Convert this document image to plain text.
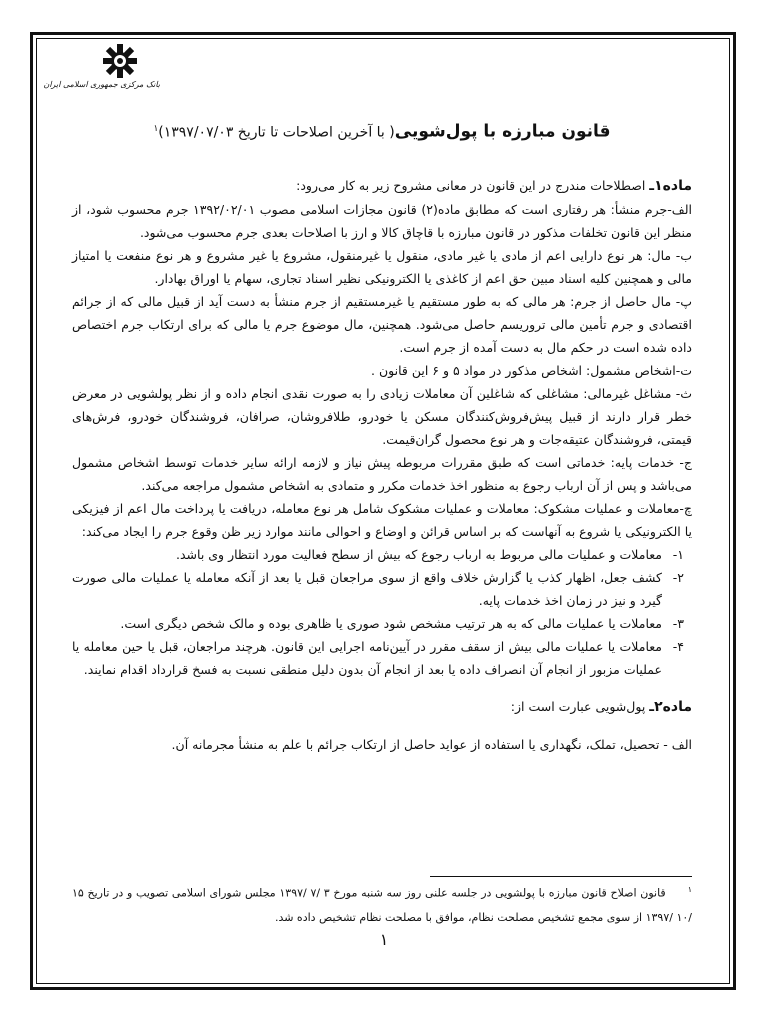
بانک مرکزی جمهوری اسلامی ایران
قانون مبارزه با پول‌شویی( با آخرین اصلاحات تا تاریخ ۱۳۹۷/۰۷/۰۳)$^۱$

ماده۱ـ اصطلاحات مندرج در این قانون در معانی مشروح زیر به کار می‌رود:

الف-جرم منشأ: هر رفتاری است که مطابق ماده(۲) قانون مجازات اسلامی مصوب ۱۳۹۲/۰۲/۰۱ جرم محسوب شود، از منظر این قانون تخلفات مذکور در قانون مبارزه با قاچاق کالا و ارز با اصلاحات بعدی جرم محسوب می‌شود.

ب- مال: هر نوع دارایی اعم از مادی یا غیر مادی، منقول یا غیرمنقول، مشروع یا غیر مشروع و هر نوع منفعت یا امتیاز مالی و همچنین کلیه اسناد مبین حق اعم از کاغذی یا الکترونیکی نظیر اسناد تجاری، سهام یا اوراق بهادار.

پ- مال حاصل از جرم: هر مالی که به طور مستقیم یا غیرمستقیم از جرم منشأ به دست آید از قبیل مالی که از جرائم اقتصادی و جرم تأمین مالی تروریسم حاصل می‌شود. همچنین، مال موضوع جرم یا مالی که برای ارتکاب جرم اختصاص داده شده است در حکم مال به دست آمده از جرم است.

ت-اشخاص مشمول: اشخاص مذکور در مواد ۵ و ۶ این قانون .

ث- مشاغل غیرمالی: مشاغلی که شاغلین آن معاملات زیادی را به صورت نقدی انجام داده و از نظر پولشویی در معرض خطر قرار دارند از قبیل پیش‌فروش‌کنندگان مسکن یا خودرو، طلافروشان، صرافان، فروشندگان خودرو، فرش‌های قیمتی، فروشندگان عتیقه‌جات و هر نوع محصول گران‌قیمت.

ج- خدمات پایه: خدماتی است که طبق مقررات مربوطه پیش نیاز و لازمه ارائه سایر خدمات توسط اشخاص مشمول می‌باشد و پس از آن ارباب رجوع به منظور اخذ خدمات مکرر و متمادی به اشخاص مشمول مراجعه می‌کند.

چ-معاملات و عملیات مشکوک: معاملات و عملیات مشکوک شامل هر نوع معامله، دریافت یا پرداخت مال اعم از فیزیکی یا الکترونیکی یا شروع به آنهاست که بر اساس قرائن و اوضاع و احوالی مانند موارد زیر ظن وقوع جرم را ایجاد می‌کند:

۱-
معاملات و عملیات مالی مربوط به ارباب رجوع که بیش از سطح فعالیت مورد انتظار وی باشد.
۲-
کشف جعل، اظهار کذب یا گزارش خلاف واقع از سوی مراجعان قبل یا بعد از آنکه معامله یا عملیات مالی صورت گیرد و نیز در زمان اخذ خدمات پایه.
۳-
معاملات یا عملیات مالی که به هر ترتیب مشخص شود صوری یا ظاهری بوده و مالک شخص دیگری است.
۴-
معاملات یا عملیات مالی بیش از سقف مقرر در آیین‌نامه اجرایی این قانون. هرچند مراجعان، قبل یا حین معامله یا عملیات مزبور از انجام آن انصراف داده یا بعد از انجام آن بدون دلیل منطقی نسبت به فسخ قرارداد اقدام نمایند.

ماده۲ـ پول‌شویی عبارت است از:

الف - تحصیل، تملک، نگهداری یا استفاده از عواید حاصل از ارتکاب جرائم با علم به منشأ مجرمانه آن.

$^۱$قانون اصلاح قانون مبارزه با پولشویی در جلسه علنی روز سه شنبه مورخ ۳ /۷ /۱۳۹۷ مجلس شورای اسلامی تصویب و در تاریخ ۱۵ /۱۰ /۱۳۹۷ از سوی مجمع تشخیص مصلحت نظام، موافق با مصلحت نظام تشخیص داده شد.
۱
